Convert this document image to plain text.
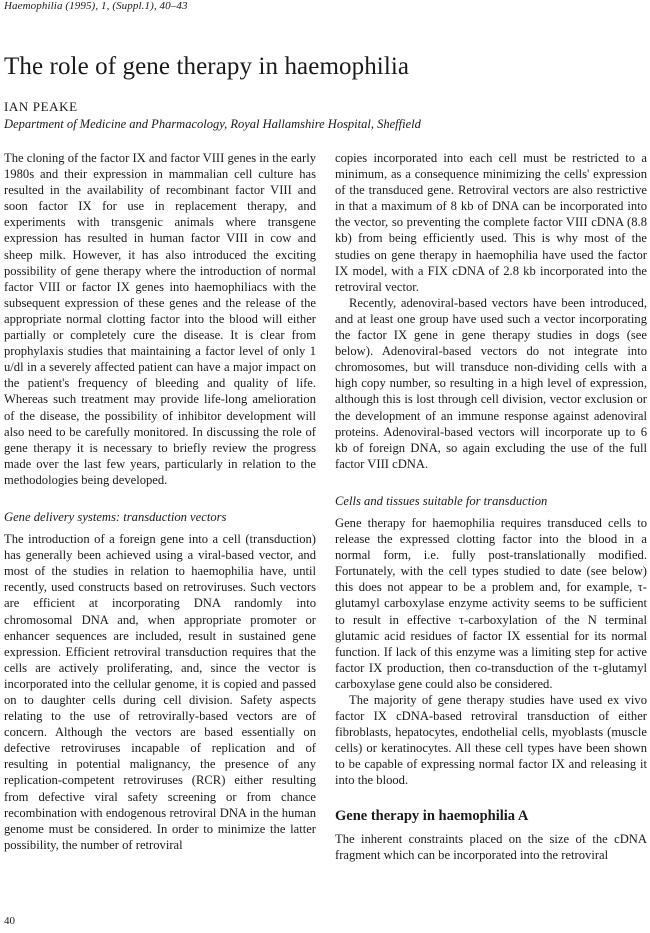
Haemophilia (1995), 1, (Suppl.1), 40–43
The role of gene therapy in haemophilia
IAN PEAKE
Department of Medicine and Pharmacology, Royal Hallamshire Hospital, Sheffield

The cloning of the factor IX and factor VIII genes in the early 1980s and their expression in mammalian cell culture has resulted in the availability of recombinant factor VIII and soon factor IX for use in replacement therapy, and experiments with transgenic animals where transgene expression has resulted in human factor VIII in cow and sheep milk. However, it has also introduced the exciting possibility of gene therapy where the introduction of normal factor VIII or factor IX genes into haemophiliacs with the subsequent expression of these genes and the release of the appropriate normal clotting factor into the blood will either partially or completely cure the disease. It is clear from prophylaxis studies that maintaining a factor level of only 1 u/dl in a severely affected patient can have a major impact on the patient's frequency of bleeding and quality of life. Whereas such treatment may provide life-long amelioration of the disease, the possibility of inhibitor development will also need to be carefully monitored. In discussing the role of gene therapy it is necessary to briefly review the progress made over the last few years, particularly in relation to the methodologies being developed.

Gene delivery systems: transduction vectors

The introduction of a foreign gene into a cell (transduction) has generally been achieved using a viral-based vector, and most of the studies in relation to haemophilia have, until recently, used constructs based on retroviruses. Such vectors are efficient at incorporating DNA randomly into chromosomal DNA and, when appropriate promoter or enhancer sequences are included, result in sustained gene expression. Efficient retroviral transduction requires that the cells are actively proliferating, and, since the vector is incorporated into the cellular genome, it is copied and passed on to daughter cells during cell division. Safety aspects relating to the use of retrovirally-based vectors are of concern. Although the vectors are based essentially on defective retroviruses incapable of replication and of resulting in potential malignancy, the presence of any replication-competent retroviruses (RCR) either resulting from defective viral safety screening or from chance recombination with endogenous retroviral DNA in the human genome must be considered. In order to minimize the latter possibility, the number of retroviral

copies incorporated into each cell must be restricted to a minimum, as a consequence minimizing the cells' expression of the transduced gene. Retroviral vectors are also restrictive in that a maximum of 8 kb of DNA can be incorporated into the vector, so preventing the complete factor VIII cDNA (8.8 kb) from being efficiently used. This is why most of the studies on gene therapy in haemophilia have used the factor IX model, with a FIX cDNA of 2.8 kb incorporated into the retroviral vector.

Recently, adenoviral-based vectors have been introduced, and at least one group have used such a vector incorporating the factor IX gene in gene therapy studies in dogs (see below). Adenoviral-based vectors do not integrate into chromosomes, but will transduce non-dividing cells with a high copy number, so resulting in a high level of expression, although this is lost through cell division, vector exclusion or the development of an immune response against adenoviral proteins. Adenoviral-based vectors will incorporate up to 6 kb of foreign DNA, so again excluding the use of the full factor VIII cDNA.

Cells and tissues suitable for transduction

Gene therapy for haemophilia requires transduced cells to release the expressed clotting factor into the blood in a normal form, i.e. fully post-translationally modified. Fortunately, with the cell types studied to date (see below) this does not appear to be a problem and, for example, τ-glutamyl carboxylase enzyme activity seems to be sufficient to result in effective τ-carboxylation of the N terminal glutamic acid residues of factor IX essential for its normal function. If lack of this enzyme was a limiting step for active factor IX production, then co-transduction of the τ-glutamyl carboxylase gene could also be considered.

The majority of gene therapy studies have used ex vivo factor IX cDNA-based retroviral transduction of either fibroblasts, hepatocytes, endothelial cells, myoblasts (muscle cells) or keratinocytes. All these cell types have been shown to be capable of expressing normal factor IX and releasing it into the blood.

Gene therapy in haemophilia A

The inherent constraints placed on the size of the cDNA fragment which can be incorporated into the retroviral

40
